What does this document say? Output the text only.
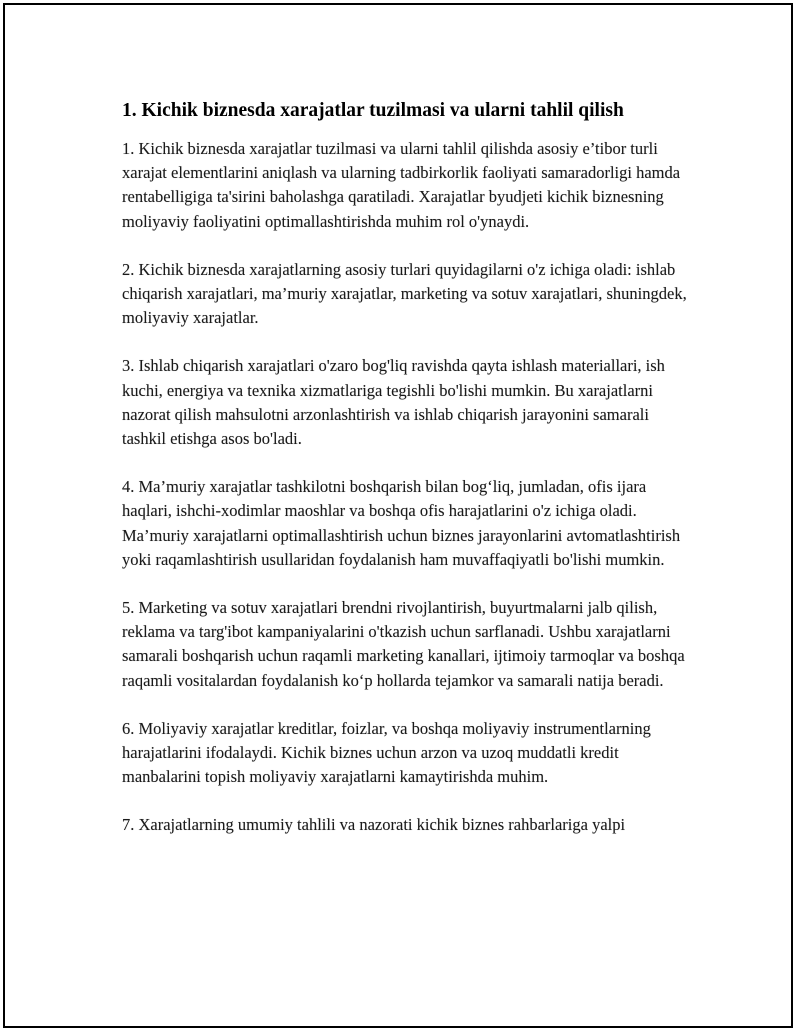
1. Kichik biznesda xarajatlar tuzilmasi va ularni tahlil qilish

1. Kichik biznesda xarajatlar tuzilmasi va ularni tahlil qilishda asosiy e’tibor turli xarajat elementlarini aniqlash va ularning tadbirkorlik faoliyati samaradorligi hamda rentabelligiga ta'sirini baholashga qaratiladi. Xarajatlar byudjeti kichik biznesning moliyaviy faoliyatini optimallashtirishda muhim rol o'ynaydi.

2. Kichik biznesda xarajatlarning asosiy turlari quyidagilarni o'z ichiga oladi: ishlab chiqarish xarajatlari, ma’muriy xarajatlar, marketing va sotuv xarajatlari, shuningdek, moliyaviy xarajatlar.

3. Ishlab chiqarish xarajatlari o'zaro bog'liq ravishda qayta ishlash materiallari, ish kuchi, energiya va texnika xizmatlariga tegishli bo'lishi mumkin. Bu xarajatlarni nazorat qilish mahsulotni arzonlashtirish va ishlab chiqarish jarayonini samarali tashkil etishga asos bo'ladi.

4. Ma’muriy xarajatlar tashkilotni boshqarish bilan bog‘liq, jumladan, ofis ijara haqlari, ishchi-xodimlar maoshlar va boshqa ofis harajatlarini o'z ichiga oladi. Ma’muriy xarajatlarni optimallashtirish uchun biznes jarayonlarini avtomatlashtirish yoki raqamlashtirish usullaridan foydalanish ham muvaffaqiyatli bo'lishi mumkin.

5. Marketing va sotuv xarajatlari brendni rivojlantirish, buyurtmalarni jalb qilish, reklama va targ'ibot kampaniyalarini o'tkazish uchun sarflanadi. Ushbu xarajatlarni samarali boshqarish uchun raqamli marketing kanallari, ijtimoiy tarmoqlar va boshqa raqamli vositalardan foydalanish ko‘p hollarda tejamkor va samarali natija beradi.

6. Moliyaviy xarajatlar kreditlar, foizlar, va boshqa moliyaviy instrumentlarning harajatlarini ifodalaydi. Kichik biznes uchun arzon va uzoq muddatli kredit manbalarini topish moliyaviy xarajatlarni kamaytirishda muhim.

7. Xarajatlarning umumiy tahlili va nazorati kichik biznes rahbarlariga yalpi
